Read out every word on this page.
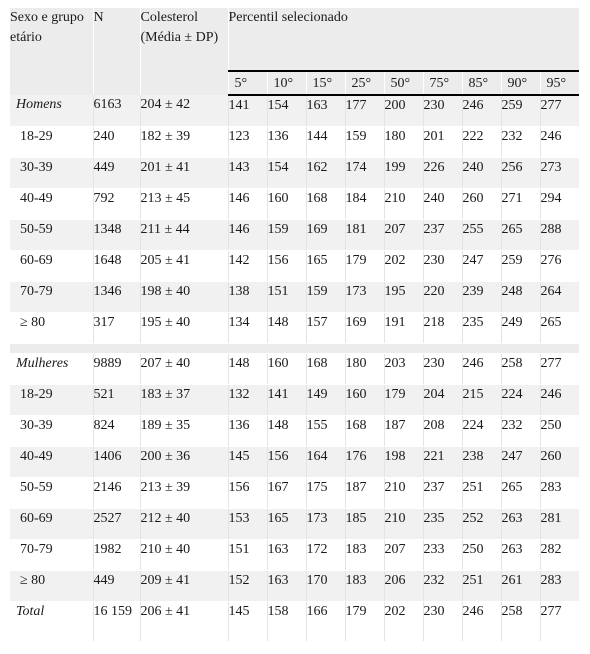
Sexo e grupo etário	N	Colesterol (Média ± DP)	Percentil selecionado								
			5°	10°	15°	25°	50°	75°	85°	90°	95°
Homens	6163	204 ± 42	141	154	163	177	200	230	246	259	277
18-29	240	182 ± 39	123	136	144	159	180	201	222	232	246
30-39	449	201 ± 41	143	154	162	174	199	226	240	256	273
40-49	792	213 ± 45	146	160	168	184	210	240	260	271	294
50-59	1348	211 ± 44	146	159	169	181	207	237	255	265	288
60-69	1648	205 ± 41	142	156	165	179	202	230	247	259	276
70-79	1346	198 ± 40	138	151	159	173	195	220	239	248	264
≥ 80	317	195 ± 40	134	148	157	169	191	218	235	249	265

Mulheres	9889	207 ± 40	148	160	168	180	203	230	246	258	277
18-29	521	183 ± 37	132	141	149	160	179	204	215	224	246
30-39	824	189 ± 35	136	148	155	168	187	208	224	232	250
40-49	1406	200 ± 36	145	156	164	176	198	221	238	247	260
50-59	2146	213 ± 39	156	167	175	187	210	237	251	265	283
60-69	2527	212 ± 40	153	165	173	185	210	235	252	263	281
70-79	1982	210 ± 40	151	163	172	183	207	233	250	263	282
≥ 80	449	209 ± 41	152	163	170	183	206	232	251	261	283
Total	16 159	206 ± 41	145	158	166	179	202	230	246	258	277
